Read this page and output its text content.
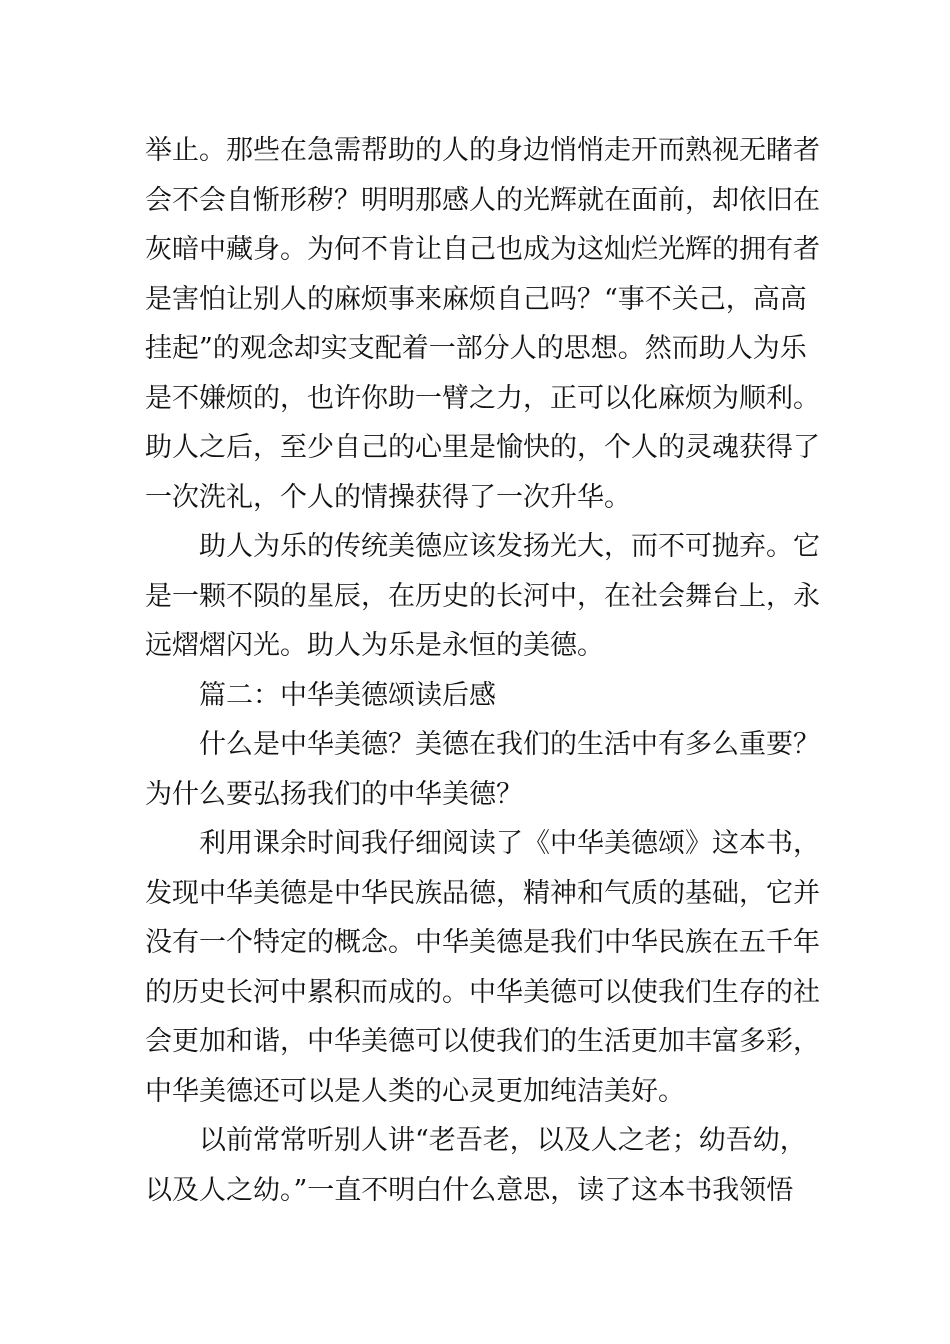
举止。那些在急需帮助的人的身边悄悄走开而熟视无睹者
会不会自惭形秽？明明那感人的光辉就在面前，却依旧在
灰暗中藏身。为何不肯让自己也成为这灿烂光辉的拥有者
是害怕让别人的麻烦事来麻烦自己吗？“事不关己，高高
挂起”的观念却实支配着一部分人的思想。然而助人为乐
是不嫌烦的，也许你助一臂之力，正可以化麻烦为顺利。
助人之后，至少自己的心里是愉快的，个人的灵魂获得了
一次洗礼，个人的情操获得了一次升华。
助人为乐的传统美德应该发扬光大，而不可抛弃。它
是一颗不陨的星辰，在历史的长河中，在社会舞台上，永
远熠熠闪光。助人为乐是永恒的美德。
篇二：中华美德颂读后感
什么是中华美德？美德在我们的生活中有多么重要？
为什么要弘扬我们的中华美德？
利用课余时间我仔细阅读了《中华美德颂》这本书，
发现中华美德是中华民族品德，精神和气质的基础，它并
没有一个特定的概念。中华美德是我们中华民族在五千年
的历史长河中累积而成的。中华美德可以使我们生存的社
会更加和谐，中华美德可以使我们的生活更加丰富多彩，
中华美德还可以是人类的心灵更加纯洁美好。
以前常常听别人讲“老吾老，以及人之老；幼吾幼，
以及人之幼。”一直不明白什么意思，读了这本书我领悟
